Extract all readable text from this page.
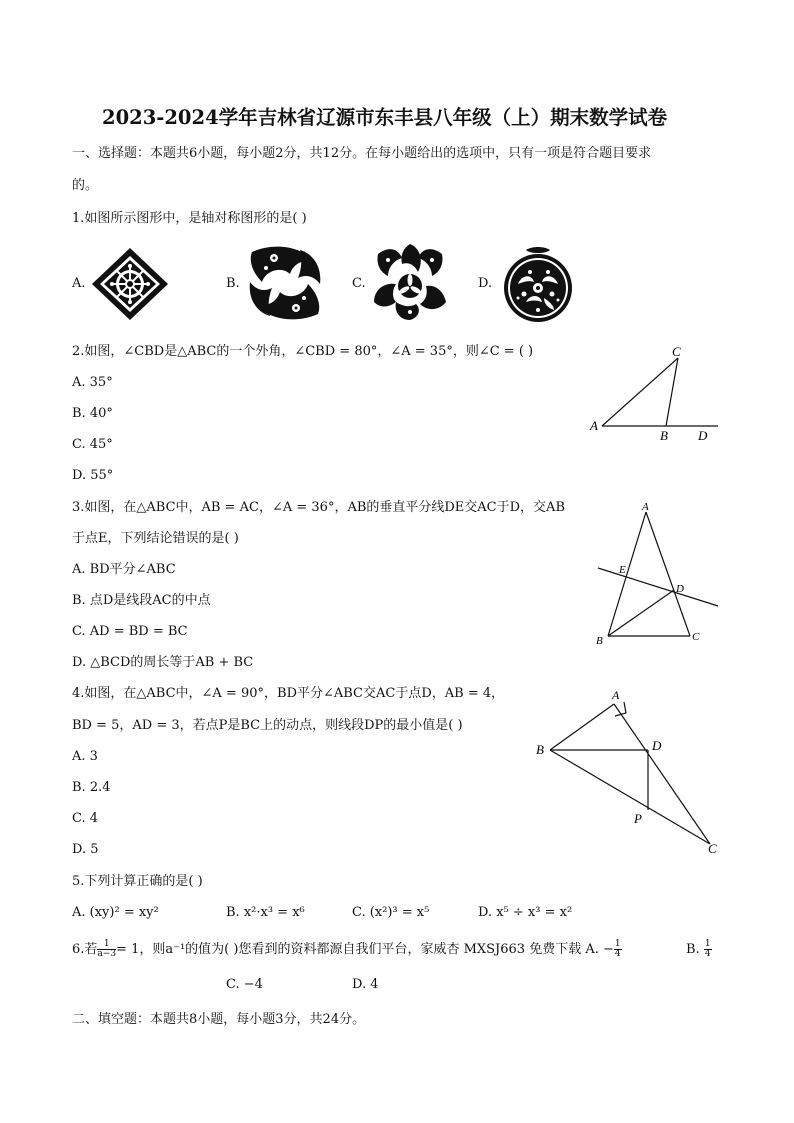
2023-2024学年吉林省辽源市东丰县八年级（上）期末数学试卷
一、选择题：本题共6小题，每小题2分，共12分。在每小题给出的选项中，只有一项是符合题目要求
的。
1.如图所示图形中，是轴对称图形的是( )
A.	B.	C.	D.
2.如图，∠CBD是△ABC的一个外角，∠CBD = 80°，∠A = 35°，则∠C = ( )
A. 35°
B. 40°
C. 45°
D. 55°
C
A
B D
3.如图，在△ABC中，AB = AC，∠A = 36°，AB的垂直平分线DE交AC于D，交AB
于点E，下列结论错误的是( )
A. BD平分∠ABC
B. 点D是线段AC的中点
C. AD = BD = BC
D. △BCD的周长等于AB + BC
A
E
D
B	C
4.如图，在△ABC中，∠A = 90°，BD平分∠ABC交AC于点D，AB = 4，
BD = 5，AD = 3，若点P是BC上的动点，则线段DP的最小值是( )
A. 3
B. 2.4
C. 4
D. 5
A
B	D
P
C
5.下列计算正确的是( )
A. (xy)² = xy²	B. x²·x³ = x⁶	C. (x²)³ = x⁵	D. x⁵ ÷ x³ = x²
6.若 $\frac{1}{a-3} = 1$，则a⁻¹的值为( )您看到的资料都源自我们平台，家威杏 MXSJ663 免费下载 A. − $\frac{1}{4}$	B. $\frac{1}{4}$
C. −4	D. 4
二、填空题：本题共8小题，每小题3分，共24分。
